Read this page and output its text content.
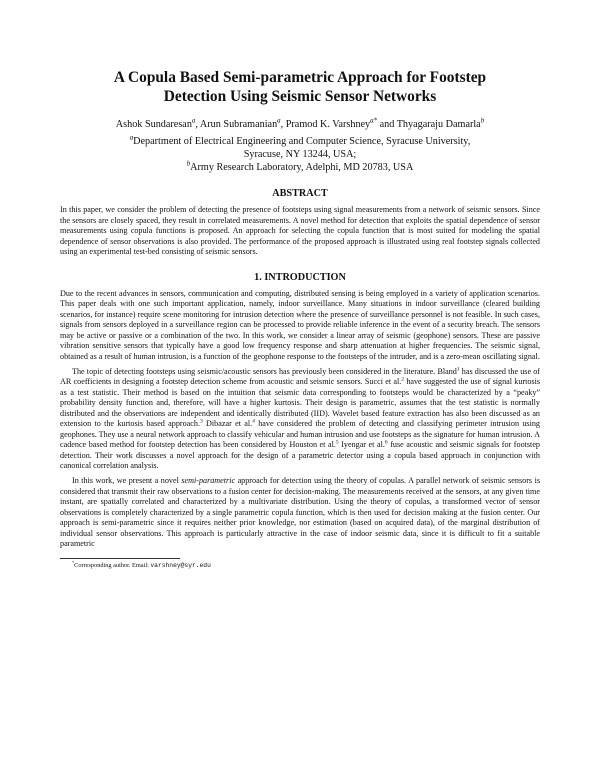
A Copula Based Semi-parametric Approach for Footstep
Detection Using Seismic Sensor Networks
Ashok Sundaresan$^a$, Arun Subramanian$^a$, Pramod K. Varshney$^{a*}$ and Thyagaraju Damarla$^b$
$^a$Department of Electrical Engineering and Computer Science, Syracuse University,
Syracuse, NY 13244, USA;
$^b$Army Research Laboratory, Adelphi, MD 20783, USA
ABSTRACT

In this paper, we consider the problem of detecting the presence of footsteps using signal measurements from a network of seismic sensors. Since the sensors are closely spaced, they result in correlated measurements. A novel method for detection that exploits the spatial dependence of sensor measurements using copula functions is proposed. An approach for selecting the copula function that is most suited for modeling the spatial dependence of sensor observations is also provided. The performance of the proposed approach is illustrated using real footstep signals collected using an experimental test-bed consisting of seismic sensors.

1. INTRODUCTION

Due to the recent advances in sensors, communication and computing, distributed sensing is being employed in a variety of application scenarios. This paper deals with one such important application, namely, indoor surveillance. Many situations in indoor surveillance (cleared building scenarios, for instance) require scene monitoring for intrusion detection where the presence of surveillance personnel is not feasible. In such cases, signals from sensors deployed in a surveillance region can be processed to provide reliable inference in the event of a security breach. The sensors may be active or passive or a combination of the two. In this work, we consider a linear array of seismic (geophone) sensors. These are passive vibration sensitive sensors that typically have a good low frequency response and sharp attenuation at higher frequencies. The seismic signal, obtained as a result of human intrusion, is a function of the geophone response to the footsteps of the intruder, and is a zero-mean oscillating signal.

The topic of detecting footsteps using seismic/acoustic sensors has previously been considered in the literature. Bland$^1$ has discussed the use of AR coefficients in designing a footstep detection scheme from acoustic and seismic sensors. Succi et al.$^2$ have suggested the use of signal kurtosis as a test statistic. Their method is based on the intuition that seismic data corresponding to footsteps would be characterized by a “peaky” probability density function and, therefore, will have a higher kurtosis. Their design is parametric, assumes that the test statistic is normally distributed and the observations are independent and identically distributed (IID). Wavelet based feature extraction has also been discussed as an extension to the kurtosis based approach.$^3$ Dibazar et al.$^4$ have considered the problem of detecting and classifying perimeter intrusion using geophones. They use a neural network approach to classify vehicular and human intrusion and use footsteps as the signature for human intrusion. A cadence based method for footstep detection has been considered by Houston et al.$^5$ Iyengar et al.$^6$ fuse acoustic and seismic signals for footstep detection. Their work discusses a novel approach for the design of a parametric detector using a copula based approach in conjunction with canonical correlation analysis.

In this work, we present a novel semi-parametric approach for detection using the theory of copulas. A parallel network of seismic sensors is considered that transmit their raw observations to a fusion center for decision-making. The measurements received at the sensors, at any given time instant, are spatially correlated and characterized by a multivariate distribution. Using the theory of copulas, a transformed vector of sensor observations is completely characterized by a single parametric copula function, which is then used for decision making at the fusion center. Our approach is semi-parametric since it requires neither prior knowledge, nor estimation (based on acquired data), of the marginal distribution of individual sensor observations. This approach is particularly attractive in the case of indoor seismic data, since it is difficult to fit a suitable parametric

*Corresponding author. Email: varshney@syr.edu
